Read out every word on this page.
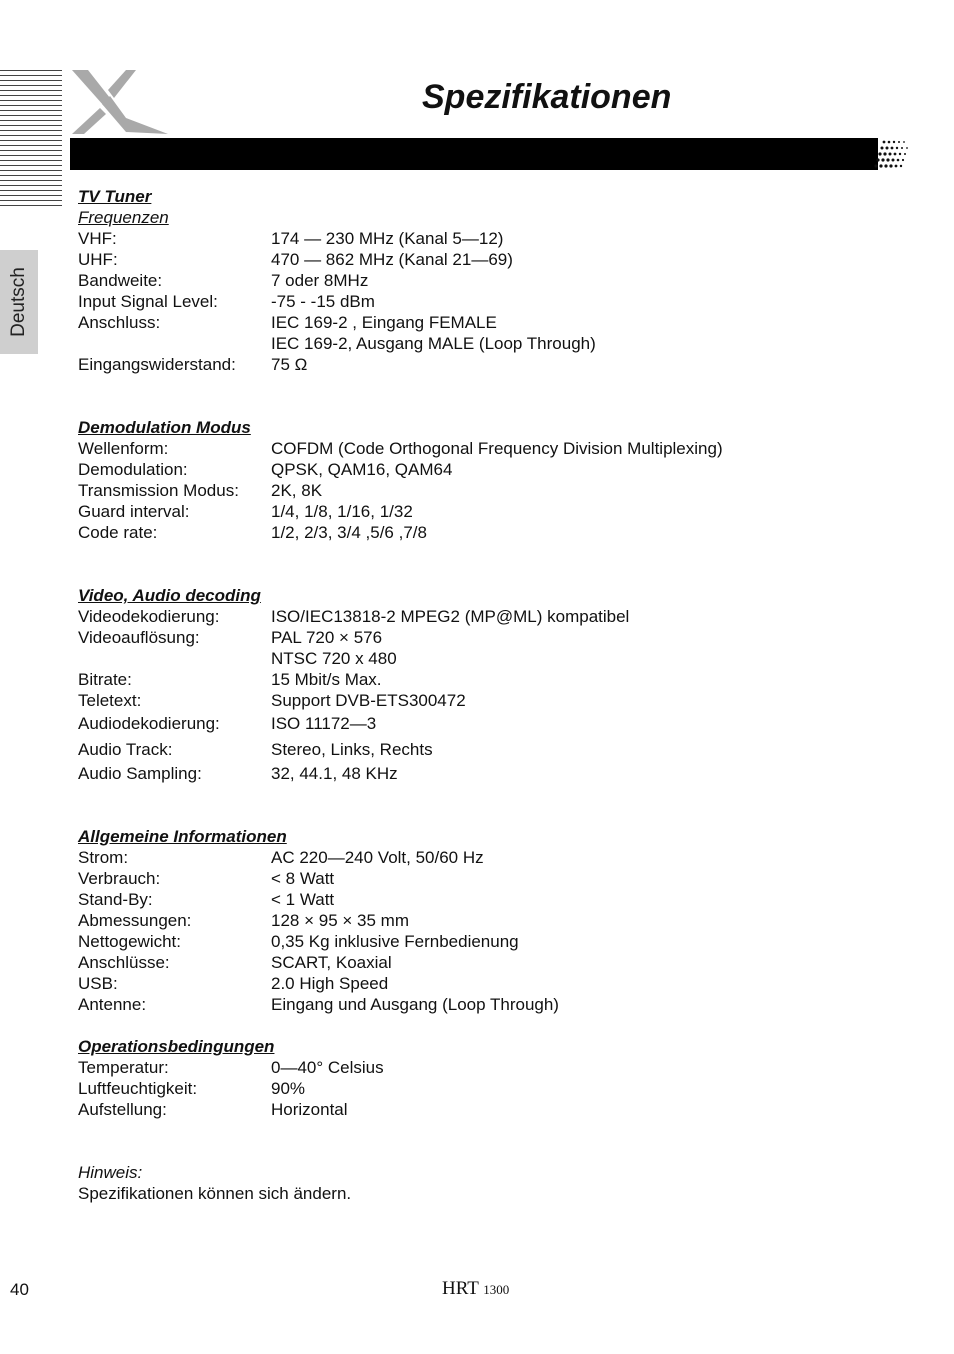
Deutsch
Spezifikationen
TV Tuner
Frequenzen
VHF:	174 — 230 MHz (Kanal 5—12)
UHF:	470 — 862 MHz (Kanal 21—69)
Bandweite:	7 oder 8MHz
Input Signal Level:	-75 - -15 dBm
Anschluss:	IEC 169-2 , Eingang FEMALE
IEC 169-2, Ausgang MALE (Loop Through)
Eingangswiderstand:	75 Ω
Demodulation Modus
Wellenform:	COFDM (Code Orthogonal Frequency Division Multiplexing)
Demodulation:	QPSK, QAM16, QAM64
Transmission Modus:	2K, 8K
Guard interval:	1/4, 1/8, 1/16, 1/32
Code rate:	1/2, 2/3, 3/4 ,5/6 ,7/8
Video, Audio decoding
Videodekodierung:	ISO/IEC13818-2 MPEG2 (MP@ML) kompatibel
Videoauflösung:	PAL 720 × 576
NTSC 720 x 480
Bitrate:	15 Mbit/s Max.
Teletext:	Support DVB-ETS300472
Audiodekodierung:	ISO 11172—3
Audio Track:	Stereo, Links, Rechts
Audio Sampling:	32, 44.1, 48 KHz
Allgemeine Informationen
Strom:	AC 220—240 Volt, 50/60 Hz
Verbrauch:	< 8 Watt
Stand-By:	< 1 Watt
Abmessungen:	128 × 95 × 35 mm
Nettogewicht:	0,35 Kg inklusive Fernbedienung
Anschlüsse:	SCART, Koaxial
USB:	2.0 High Speed
Antenne:	Eingang und Ausgang (Loop Through)
Operationsbedingungen
Temperatur:	0—40° Celsius
Luftfeuchtigkeit:	90%
Aufstellung:	Horizontal
Hinweis:
Spezifikationen können sich ändern.
40	HRT 1300
